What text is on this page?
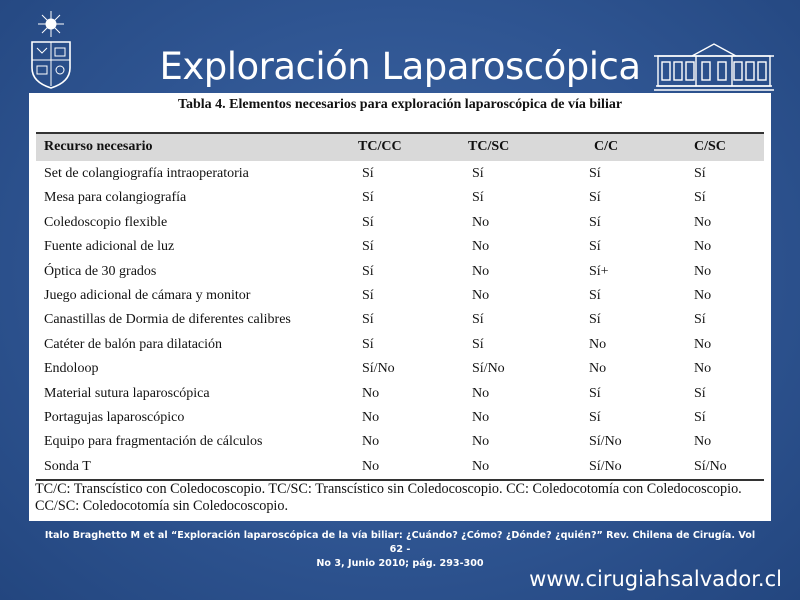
Exploración Laparoscópica
Tabla 4. Elementos necesarios para exploración laparoscópica de vía biliar
Recurso necesario	TC/CC	TC/SC	C/C	C/SC
Set de colangiografía intraoperatoria	Sí	Sí	Sí	Sí
Mesa para colangiografía	Sí	Sí	Sí	Sí
Coledoscopio flexible	Sí	No	Sí	No
Fuente adicional de luz	Sí	No	Sí	No
Óptica de 30 grados	Sí	No	Sí+	No
Juego adicional de cámara y monitor	Sí	No	Sí	No
Canastillas de Dormia de diferentes calibres	Sí	Sí	Sí	Sí
Catéter de balón para dilatación	Sí	Sí	No	No
Endoloop	Sí/No	Sí/No	No	No
Material sutura laparoscópica	No	No	Sí	Sí
Portagujas laparoscópico	No	No	Sí	Sí
Equipo para fragmentación de cálculos	No	No	Sí/No	No
Sonda T	No	No	Sí/No	Sí/No
TC/C: Transcístico con Coledocoscopio. TC/SC: Transcístico sin Coledocoscopio. CC: Coledocotomía con Coledocoscopio.
CC/SC: Coledocotomía sin Coledocoscopio.
Italo Braghetto M et al “Exploración laparoscópica de la vía biliar: ¿Cuándo? ¿Cómo? ¿Dónde? ¿quién?” Rev. Chilena de Cirugía. Vol 62 -
No 3, Junio 2010; pág. 293-300
www.cirugiahsalvador.cl
